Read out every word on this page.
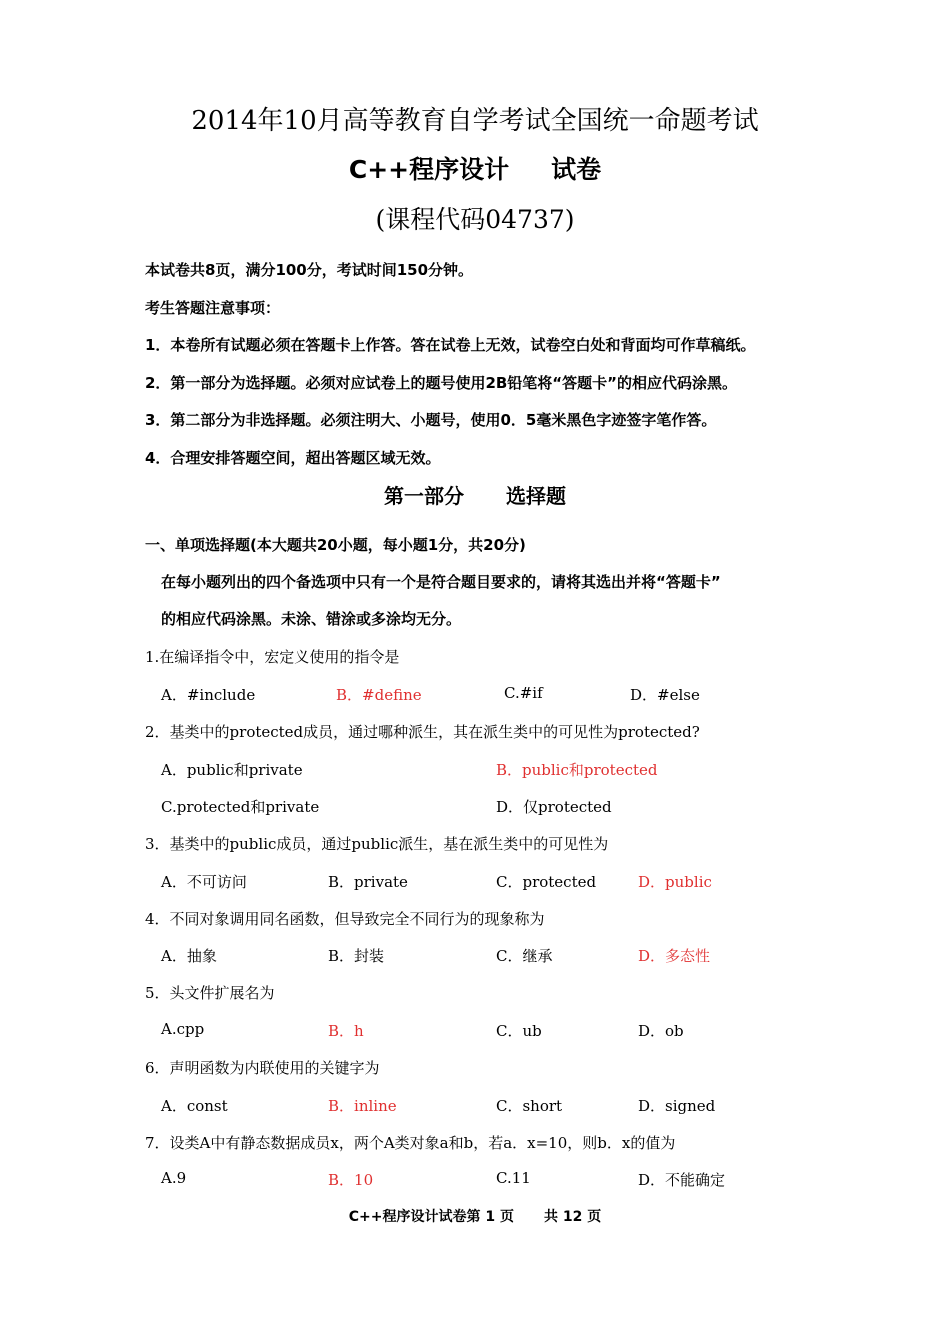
2014年10月高等教育自学考试全国统一命题考试
C++程序设计 试卷
(课程代码04737)
本试卷共8页，满分100分，考试时间150分钟。
考生答题注意事项：
1．本卷所有试题必须在答题卡上作答。答在试卷上无效，试卷空白处和背面均可作草稿纸。
2．第一部分为选择题。必须对应试卷上的题号使用2B铅笔将“答题卡”的相应代码涂黑。
3．第二部分为非选择题。必须注明大、小题号，使用0．5毫米黑色字迹签字笔作答。
4．合理安排答题空间，超出答题区域无效。
第一部分 选择题
一、单项选择题(本大题共20小题，每小题1分，共20分)
在每小题列出的四个备选项中只有一个是符合题目要求的，请将其选出并将“答题卡”
的相应代码涂黑。未涂、错涂或多涂均无分。
1.在编译指令中，宏定义使用的指令是
A．#include	B．#define	C.#if	D．#else
2．基类中的protected成员，通过哪种派生，其在派生类中的可见性为protected?
A．public和private	B．public和protected
C.protected和private	D．仅protected
3．基类中的public成员，通过public派生，基在派生类中的可见性为
A．不可访问	B．private	C．protected	D．public
4．不同对象调用同名函数，但导致完全不同行为的现象称为
A．抽象	B．封装	C．继承	D．多态性
5．头文件扩展名为
A.cpp	B．h	C．ub	D．ob
6．声明函数为内联使用的关键字为
A．const	B．inline	C．short	D．signed
7．设类A中有静态数据成员x，两个A类对象a和b，若a．x=10，则b．x的值为
A.9	B．10	C.11	D．不能确定
C++程序设计试卷第 1 页 共 12 页
